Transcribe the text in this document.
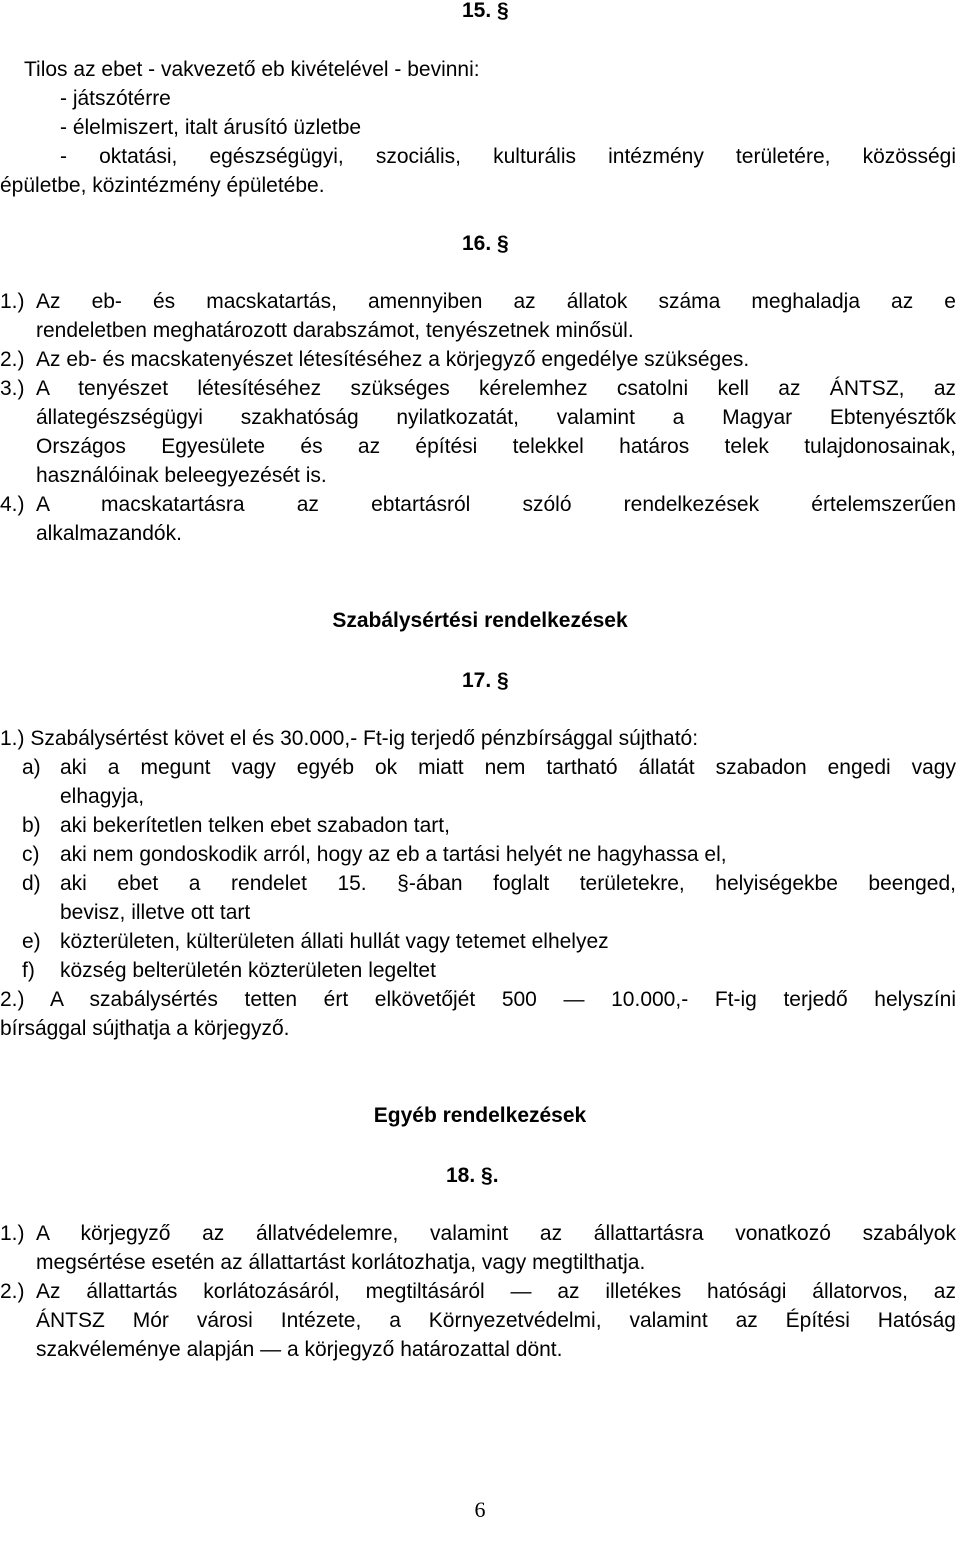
15. §
Tilos az ebet - vakvezető eb kivételével - bevinni:
- játszótérre
- élelmiszert, italt árusító üzletbe
- oktatási, egészségügyi, szociális, kulturális intézmény területére, közösségi
épületbe, közintézmény épületébe.
16. §
1.) Az eb- és macskatartás, amennyiben az állatok száma meghaladja az e
rendeletben meghatározott darabszámot, tenyészetnek minősül.
2.) Az eb- és macskatenyészet létesítéséhez a körjegyző engedélye szükséges.
3.) A tenyészet létesítéséhez szükséges kérelemhez csatolni kell az ÁNTSZ, az
állategészségügyi szakhatóság nyilatkozatát, valamint a Magyar Ebtenyésztők
Országos Egyesülete és az építési telekkel határos telek tulajdonosainak,
használóinak beleegyezését is.
4.) A macskatartásra az ebtartásról szóló rendelkezések értelemszerűen
alkalmazandók.
Szabálysértési rendelkezések
17. §
1.) Szabálysértést követ el és 30.000,- Ft-ig terjedő pénzbírsággal sújtható:
a) aki a megunt vagy egyéb ok miatt nem tartható állatát szabadon engedi vagy
elhagyja,
b) aki bekerítetlen telken ebet szabadon tart,
c) aki nem gondoskodik arról, hogy az eb a tartási helyét ne hagyhassa el,
d) aki ebet a rendelet 15. §-ában foglalt területekre, helyiségekbe beenged,
bevisz, illetve ott tart
e) közterületen, külterületen állati hullát vagy tetemet elhelyez
f) község belterületén közterületen legeltet
2.) A szabálysértés tetten ért elkövetőjét 500 — 10.000,- Ft-ig terjedő helyszíni
bírsággal sújthatja a körjegyző.
Egyéb rendelkezések
18. §.
1.) A körjegyző az állatvédelemre, valamint az állattartásra vonatkozó szabályok
megsértése esetén az állattartást korlátozhatja, vagy megtilthatja.
2.) Az állattartás korlátozásáról, megtiltásáról — az illetékes hatósági állatorvos, az
ÁNTSZ Mór városi Intézete, a Környezetvédelmi, valamint az Építési Hatóság
szakvéleménye alapján — a körjegyző határozattal dönt.
6
